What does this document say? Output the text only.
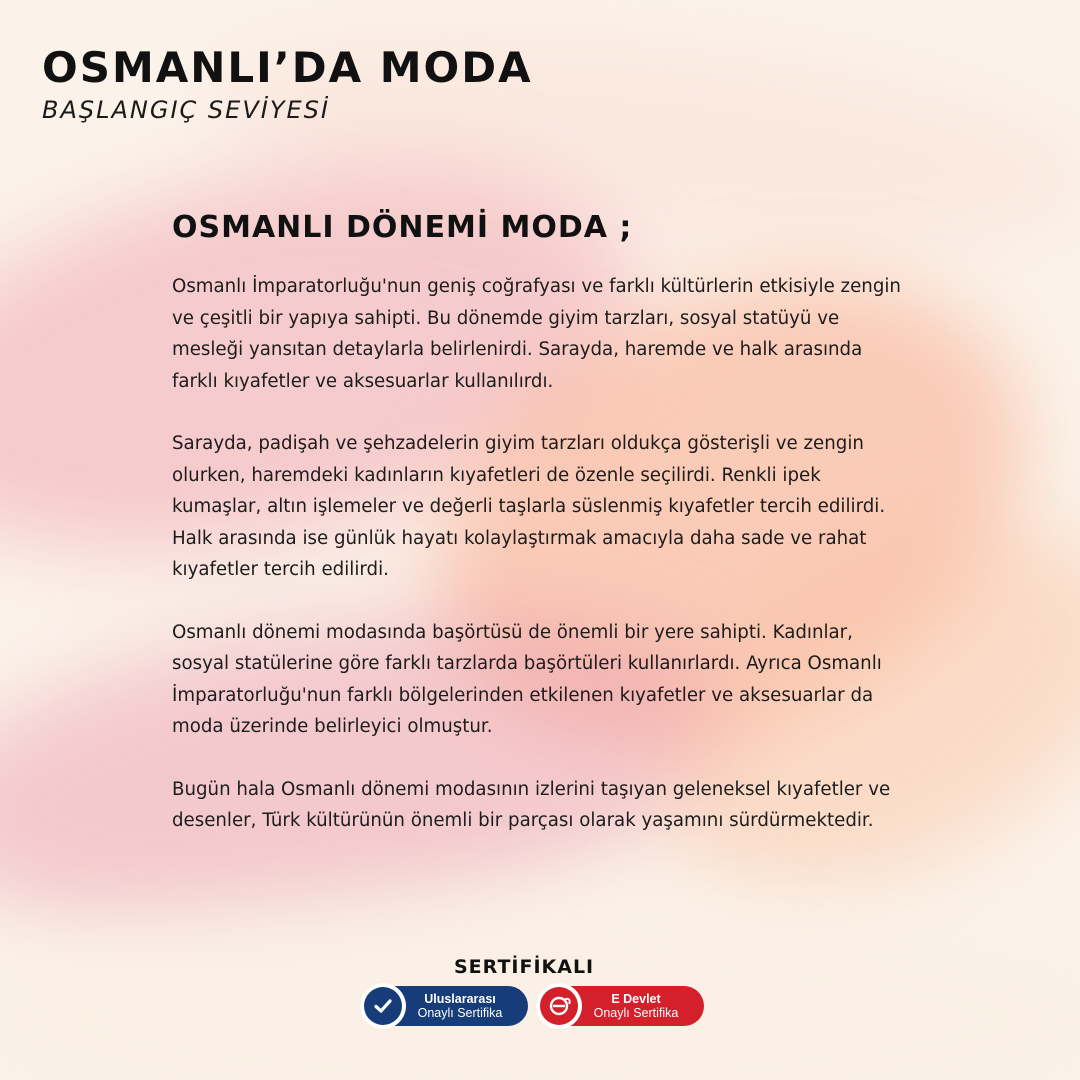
OSMANLI’DA MODA
BAŞLANGIÇ SEVİYESİ
OSMANLI DÖNEMİ MODA ;

Osmanlı İmparatorluğu'nun geniş coğrafyası ve farklı kültürlerin etkisiyle zengin ve çeşitli bir yapıya sahipti. Bu dönemde giyim tarzları, sosyal statüyü ve mesleği yansıtan detaylarla belirlenirdi. Sarayda, haremde ve halk arasında farklı kıyafetler ve aksesuarlar kullanılırdı.

Sarayda, padişah ve şehzadelerin giyim tarzları oldukça gösterişli ve zengin olurken, haremdeki kadınların kıyafetleri de özenle seçilirdi. Renkli ipek kumaşlar, altın işlemeler ve değerli taşlarla süslenmiş kıyafetler tercih edilirdi. Halk arasında ise günlük hayatı kolaylaştırmak amacıyla daha sade ve rahat kıyafetler tercih edilirdi.

Osmanlı dönemi modasında başörtüsü de önemli bir yere sahipti. Kadınlar, sosyal statülerine göre farklı tarzlarda başörtüleri kullanırlardı. Ayrıca Osmanlı İmparatorluğu'nun farklı bölgelerinden etkilenen kıyafetler ve aksesuarlar da moda üzerinde belirleyici olmuştur.

Bugün hala Osmanlı dönemi modasının izlerini taşıyan geleneksel kıyafetler ve desenler, Türk kültürünün önemli bir parçası olarak yaşamını sürdürmektedir.

SERTİFİKALI
Uluslararası
Onaylı Sertifika
E Devlet
Onaylı Sertifika
